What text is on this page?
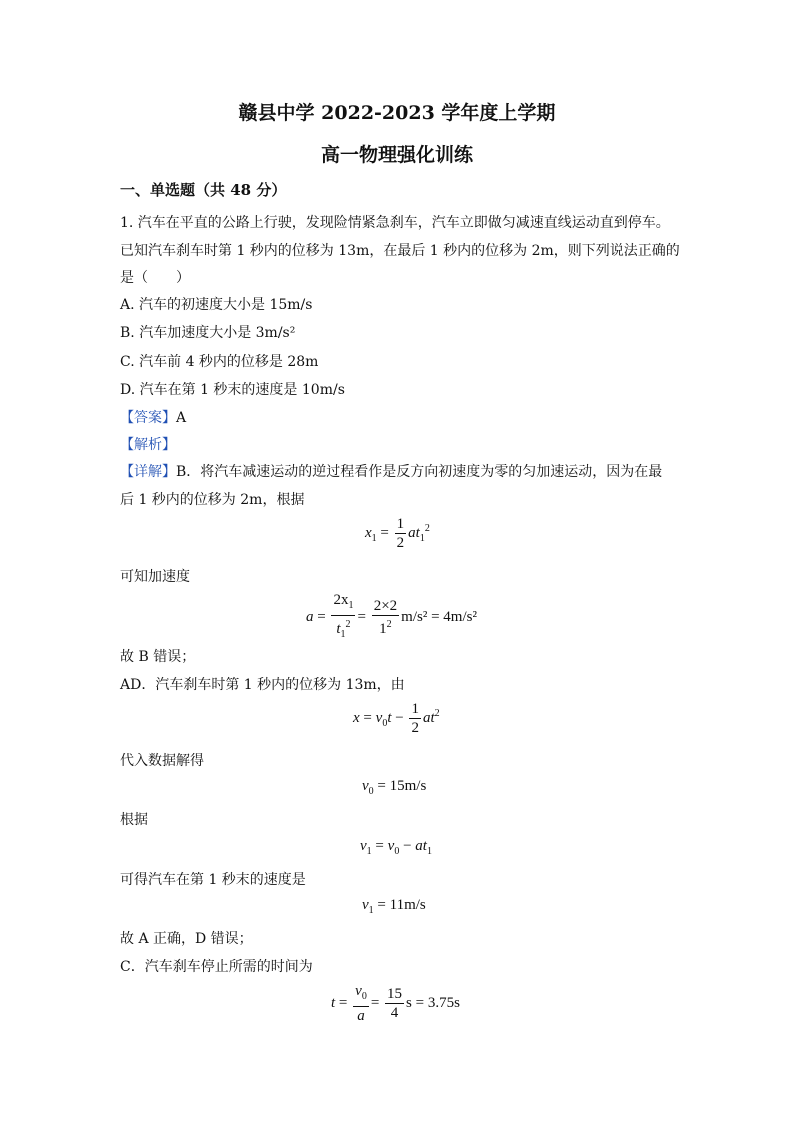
赣县中学 2022-2023 学年度上学期
高一物理强化训练
一、单选题（共 48 分）
1. 汽车在平直的公路上行驶，发现险情紧急刹车，汽车立即做匀减速直线运动直到停车。
已知汽车刹车时第 1 秒内的位移为 13m，在最后 1 秒内的位移为 2m，则下列说法正确的
是（　　）
A. 汽车的初速度大小是 15m/s
B. 汽车加速度大小是 3m/s²
C. 汽车前 4 秒内的位移是 28m
D. 汽车在第 1 秒末的速度是 10m/s
【答案】A
【解析】
【详解】B．将汽车减速运动的逆过程看作是反方向初速度为零的匀加速运动，因为在最
后 1 秒内的位移为 2m，根据
$x_1 = \frac{1}{2} at_1^2$
可知加速度
$a = \frac{2x_1}{t_1^2} = \frac{2\times 2}{1^2} m/s^2 = 4m/s^2$
故 B 错误；
AD．汽车刹车时第 1 秒内的位移为 13m，由
$x = v_0t - \frac{1}{2} at^2$
代入数据解得
$v_0 = 15m/s$
根据
$v_1 = v_0 - at_1$
可得汽车在第 1 秒末的速度是
$v_1 = 11m/s$
故 A 正确，D 错误；
C．汽车刹车停止所需的时间为
$t = \frac{v_0}{a} = \frac{15}{4}$ s = 3.75s
